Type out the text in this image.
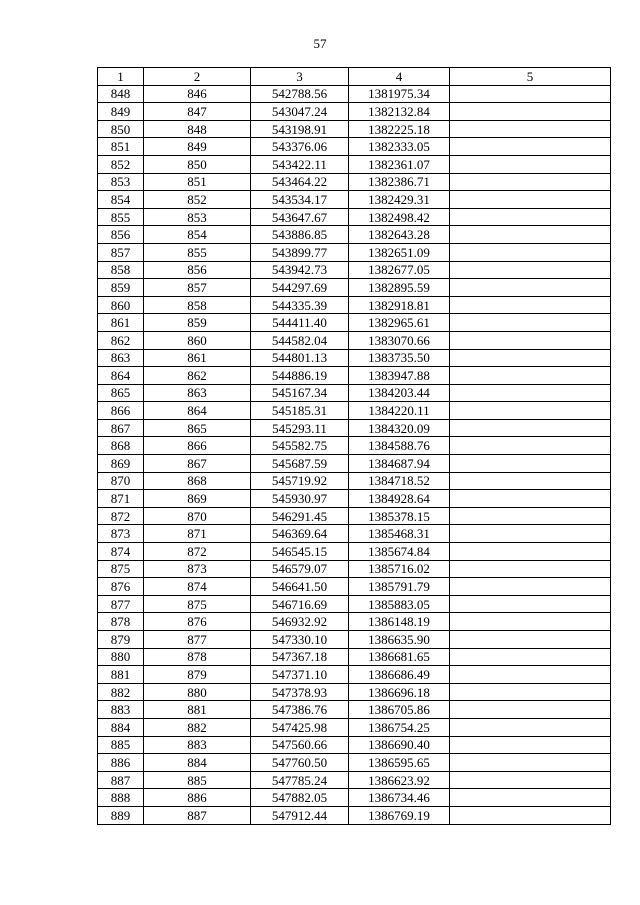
57
1	2	3	4	5
848	846	542788.56	1381975.34	
849	847	543047.24	1382132.84	
850	848	543198.91	1382225.18	
851	849	543376.06	1382333.05	
852	850	543422.11	1382361.07	
853	851	543464.22	1382386.71	
854	852	543534.17	1382429.31	
855	853	543647.67	1382498.42	
856	854	543886.85	1382643.28	
857	855	543899.77	1382651.09	
858	856	543942.73	1382677.05	
859	857	544297.69	1382895.59	
860	858	544335.39	1382918.81	
861	859	544411.40	1382965.61	
862	860	544582.04	1383070.66	
863	861	544801.13	1383735.50	
864	862	544886.19	1383947.88	
865	863	545167.34	1384203.44	
866	864	545185.31	1384220.11	
867	865	545293.11	1384320.09	
868	866	545582.75	1384588.76	
869	867	545687.59	1384687.94	
870	868	545719.92	1384718.52	
871	869	545930.97	1384928.64	
872	870	546291.45	1385378.15	
873	871	546369.64	1385468.31	
874	872	546545.15	1385674.84	
875	873	546579.07	1385716.02	
876	874	546641.50	1385791.79	
877	875	546716.69	1385883.05	
878	876	546932.92	1386148.19	
879	877	547330.10	1386635.90	
880	878	547367.18	1386681.65	
881	879	547371.10	1386686.49	
882	880	547378.93	1386696.18	
883	881	547386.76	1386705.86	
884	882	547425.98	1386754.25	
885	883	547560.66	1386690.40	
886	884	547760.50	1386595.65	
887	885	547785.24	1386623.92	
888	886	547882.05	1386734.46	
889	887	547912.44	1386769.19	
